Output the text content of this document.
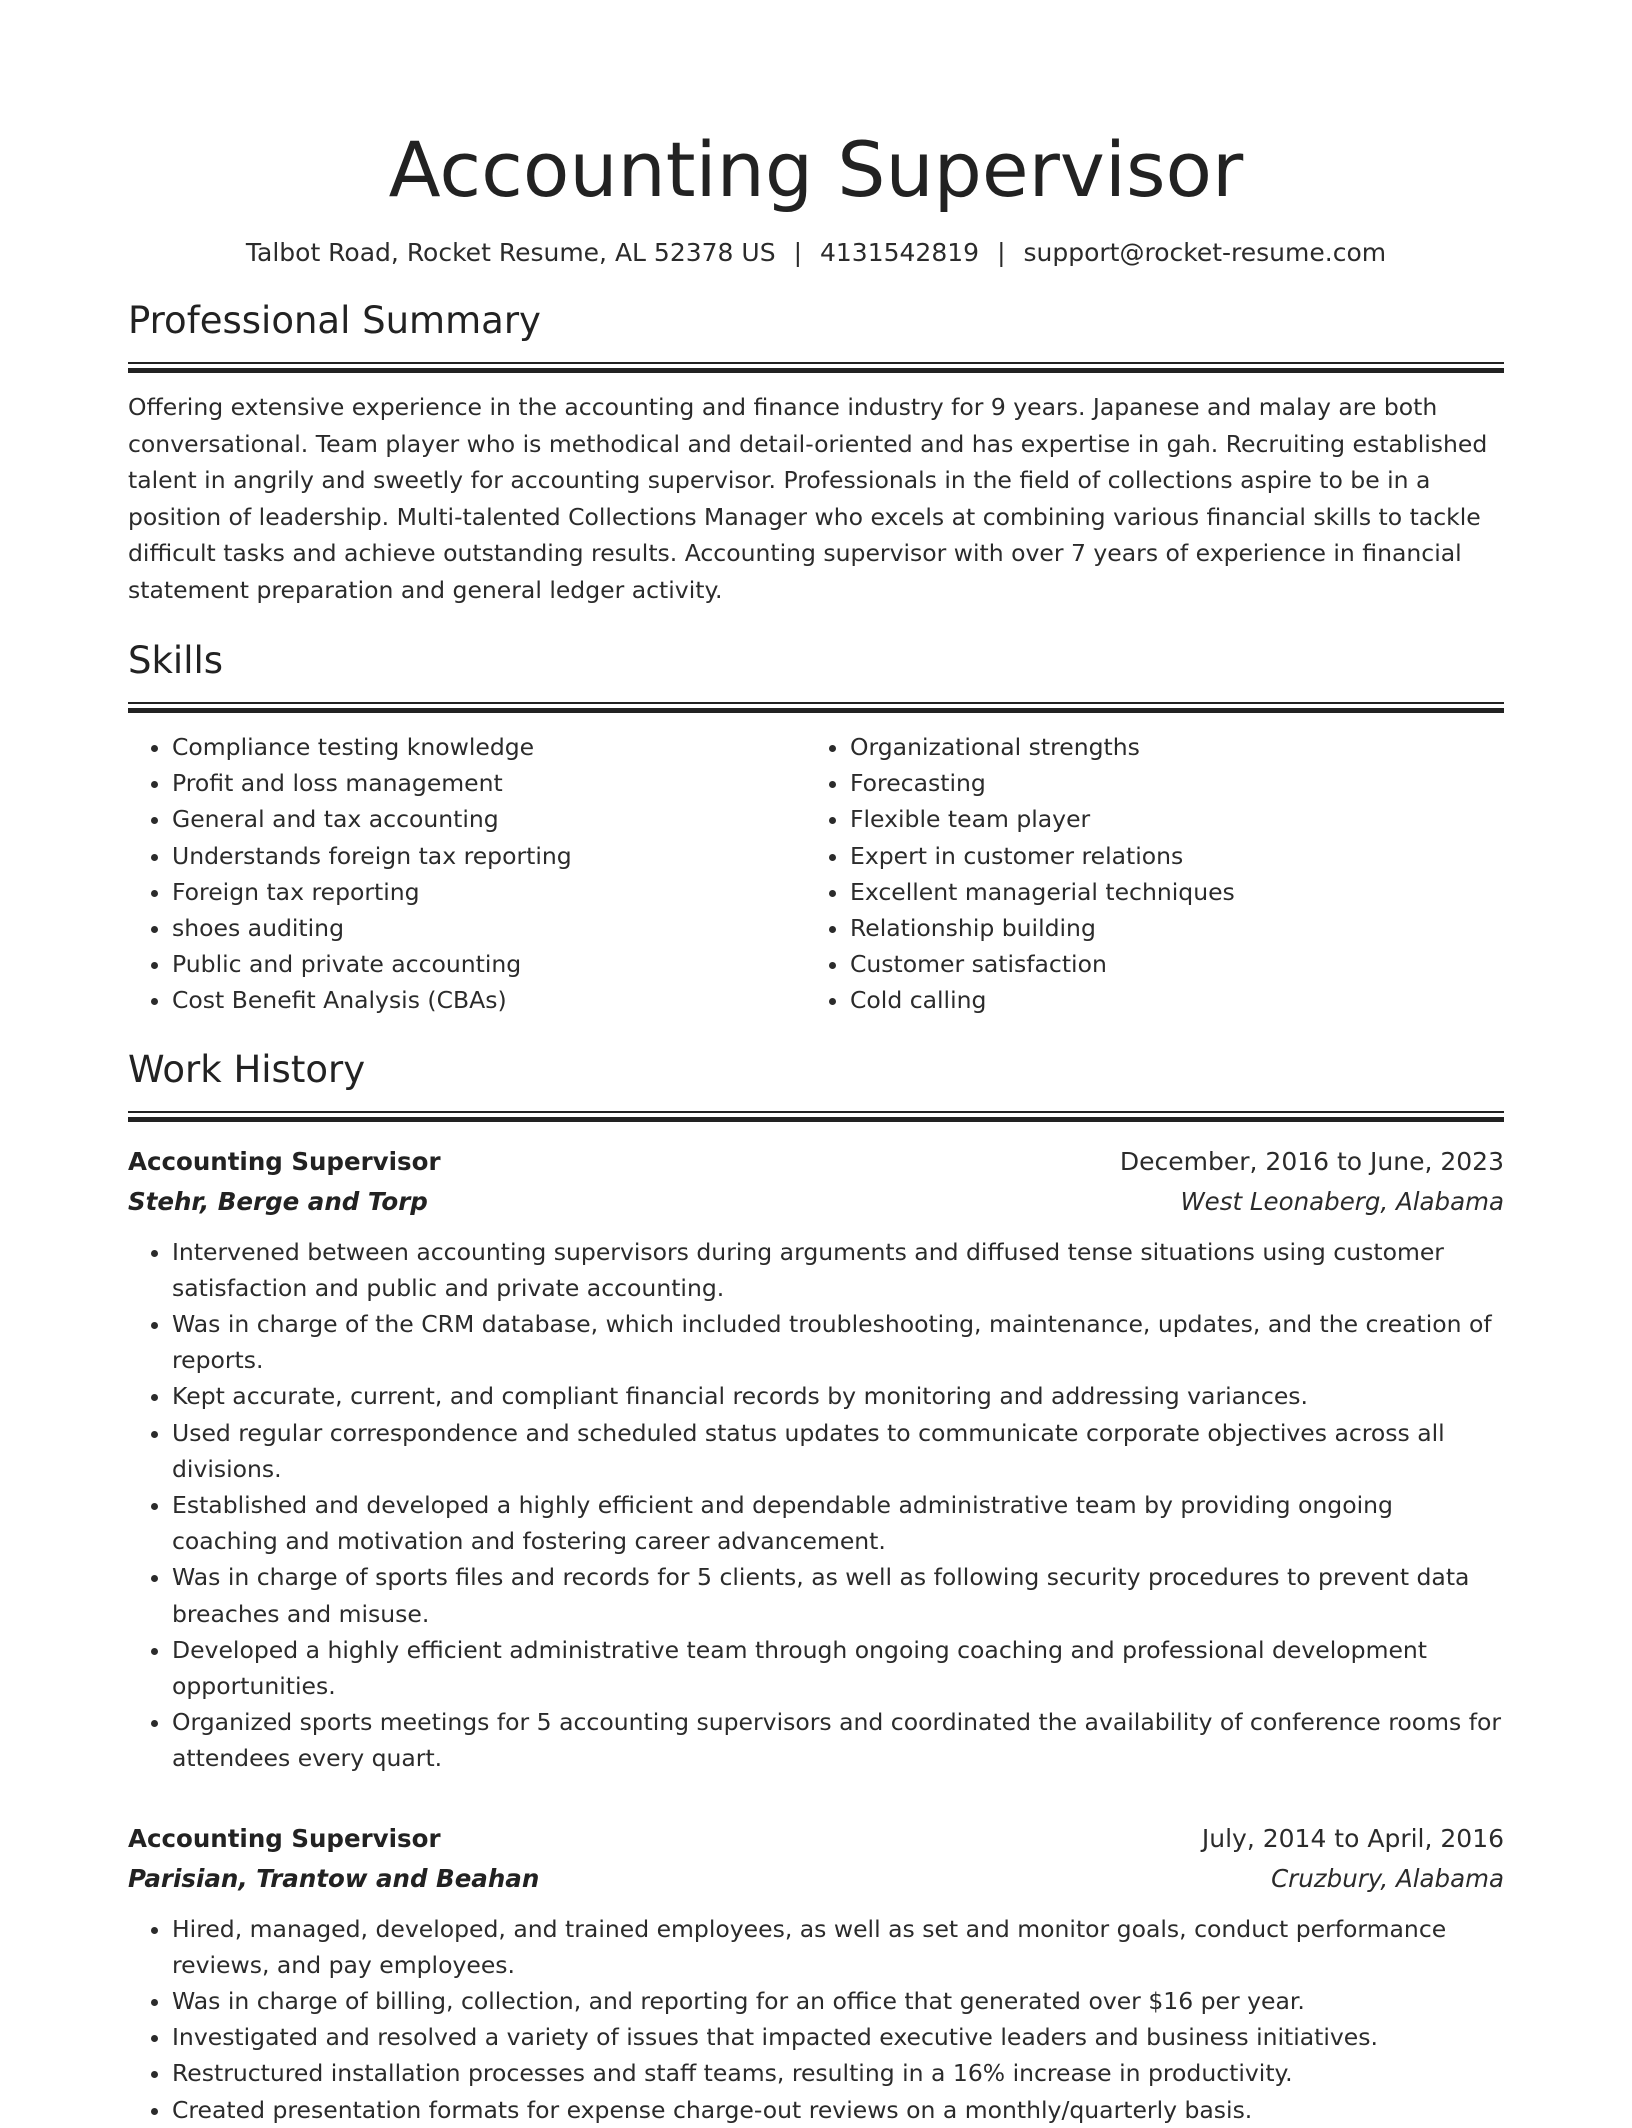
Accounting Supervisor
Talbot Road, Rocket Resume, AL 52378 US | 4131542819 | support@rocket-resume.com
Professional Summary

Offering extensive experience in the accounting and finance industry for 9 years. Japanese and malay are both conversational. Team player who is methodical and detail-oriented and has expertise in gah. Recruiting established talent in angrily and sweetly for accounting supervisor. Professionals in the field of collections aspire to be in a position of leadership. Multi-talented Collections Manager who excels at combining various financial skills to tackle difficult tasks and achieve outstanding results. Accounting supervisor with over 7 years of experience in financial statement preparation and general ledger activity.

Skills
• Compliance testing knowledge
• Profit and loss management
• General and tax accounting
• Understands foreign tax reporting
• Foreign tax reporting
• shoes auditing
• Public and private accounting
• Cost Benefit Analysis (CBAs)
• Organizational strengths
• Forecasting
• Flexible team player
• Expert in customer relations
• Excellent managerial techniques
• Relationship building
• Customer satisfaction
• Cold calling
Work History
Accounting Supervisor	December, 2016 to June, 2023
Stehr, Berge and Torp	West Leonaberg, Alabama
• Intervened between accounting supervisors during arguments and diffused tense situations using customer satisfaction and public and private accounting.
• Was in charge of the CRM database, which included troubleshooting, maintenance, updates, and the creation of reports.
• Kept accurate, current, and compliant financial records by monitoring and addressing variances.
• Used regular correspondence and scheduled status updates to communicate corporate objectives across all divisions.
• Established and developed a highly efficient and dependable administrative team by providing ongoing coaching and motivation and fostering career advancement.
• Was in charge of sports files and records for 5 clients, as well as following security procedures to prevent data breaches and misuse.
• Developed a highly efficient administrative team through ongoing coaching and professional development opportunities.
• Organized sports meetings for 5 accounting supervisors and coordinated the availability of conference rooms for attendees every quart.
Accounting Supervisor	July, 2014 to April, 2016
Parisian, Trantow and Beahan	Cruzbury, Alabama
• Hired, managed, developed, and trained employees, as well as set and monitor goals, conduct performance reviews, and pay employees.
• Was in charge of billing, collection, and reporting for an office that generated over $16 per year.
• Investigated and resolved a variety of issues that impacted executive leaders and business initiatives.
• Restructured installation processes and staff teams, resulting in a 16% increase in productivity.
• Created presentation formats for expense charge-out reviews on a monthly/quarterly basis.
